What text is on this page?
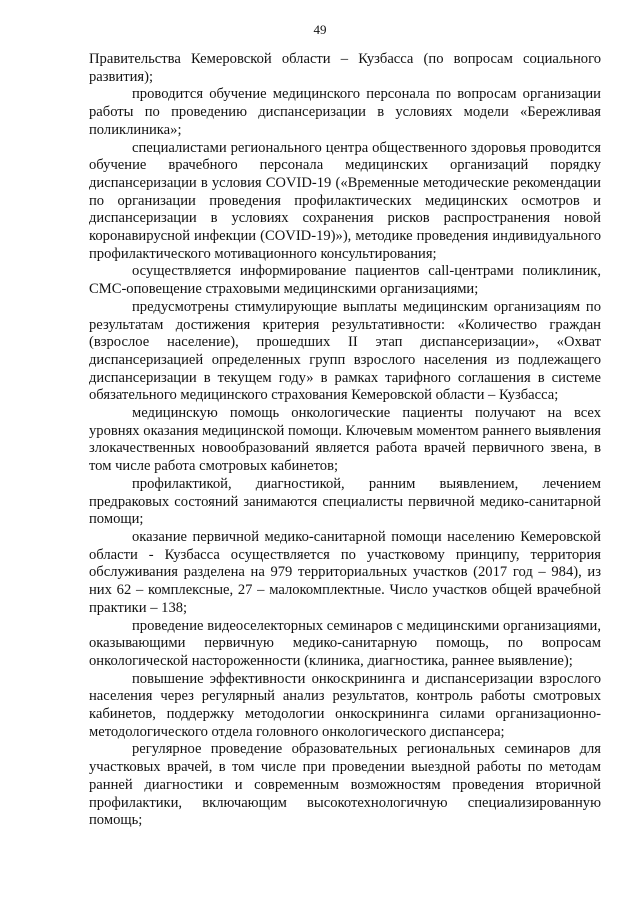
49

Правительства Кемеровской области – Кузбасса (по вопросам социального развития);

проводится обучение медицинского персонала по вопросам организации работы по проведению диспансеризации в условиях модели «Бережливая поликлиника»;

специалистами регионального центра общественного здоровья проводится обучение врачебного персонала медицинских организаций порядку диспансеризации в условия COVID-19 («Временные методические рекомендации по организации проведения профилактических медицинских осмотров и диспансеризации в условиях сохранения рисков распространения новой коронавирусной инфекции (COVID-19)»), методике проведения индивидуального профилактического мотивационного консультирования;

осуществляется информирование пациентов call-центрами поликлиник, СМС-оповещение страховыми медицинскими организациями;

предусмотрены стимулирующие выплаты медицинским организациям по результатам достижения критерия результативности: «Количество граждан (взрослое население), прошедших II этап диспансеризации», «Охват диспансеризацией определенных групп взрослого населения из подлежащего диспансеризации в текущем году» в рамках тарифного соглашения в системе обязательного медицинского страхования Кемеровской области – Кузбасса;

медицинскую помощь онкологические пациенты получают на всех уровнях оказания медицинской помощи. Ключевым моментом раннего выявления злокачественных новообразований является работа врачей первичного звена, в том числе работа смотровых кабинетов;

профилактикой, диагностикой, ранним выявлением, лечением предраковых состояний занимаются специалисты первичной медико-санитарной помощи;

оказание первичной медико-санитарной помощи населению Кемеровской области - Кузбасса осуществляется по участковому принципу, территория обслуживания разделена на 979 территориальных участков (2017 год – 984), из них 62 – комплексные, 27 – малокомплектные. Число участков общей врачебной практики – 138;

проведение видеоселекторных семинаров с медицинскими организациями, оказывающими первичную медико-санитарную помощь, по вопросам онкологической настороженности (клиника, диагностика, раннее выявление);

повышение эффективности онкоскрининга и диспансеризации взрослого населения через регулярный анализ результатов, контроль работы смотровых кабинетов, поддержку методологии онкоскрининга силами организационно-методологического отдела головного онкологического диспансера;

регулярное проведение образовательных региональных семинаров для участковых врачей, в том числе при проведении выездной работы по методам ранней диагностики и современным возможностям проведения вторичной профилактики, включающим высокотехнологичную специализированную помощь;
